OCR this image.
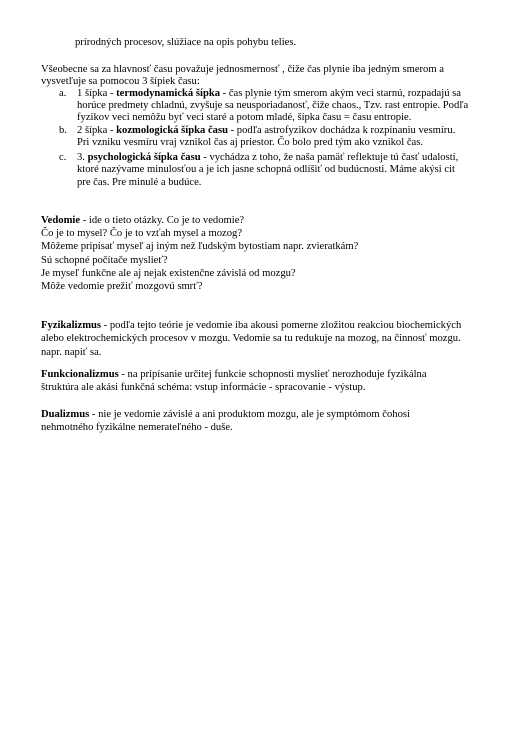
prírodných procesov, slúžiace na opis pohybu telies.
Všeobecne sa za hlavnosť času považuje jednosmernosť , čiže čas plynie iba jedným smerom a
vysvetľuje sa pomocou 3 šípiek času:
a. 1 šípka - termodynamická šípka - čas plynie tým smerom akým veci starnú, rozpadajú sa
horúce predmety chladnú, zvyšuje sa neusporiadanosť, čiže chaos., Tzv. rast entropie. Podľa
fyzikov veci nemôžu byť veci staré a potom mladé, šípka času = času entropie.
b. 2 šípka - kozmologická šípka času - podľa astrofyzikov dochádza k rozpínaniu vesmíru.
Pri vzniku vesmíru vraj vznikol čas aj priestor. Čo bolo pred tým ako vznikol čas.
c. 3. psychologická šípka času - vychádza z toho, že naša pamäť reflektuje tú časť udalostí,
ktoré nazývame minulosťou a je ich jasne schopná odlíšiť od budúcnosti. Máme akýsi cit
pre čas. Pre minulé a budúce.
Vedomie - ide o tieto otázky. Co je to vedomie?
Čo je to mysel? Čo je to vzťah mysel a mozog?
Môžeme pripísať myseľ aj iným než ľudským bytostiam napr. zvieratkám?
Sú schopné počítače myslieť?
Je myseľ funkčne ale aj nejak existenčne závislá od mozgu?
Môže vedomie prežiť mozgovú smrť?
Fyzikalizmus - podľa tejto teórie je vedomie iba akousi pomerne zložitou reakciou biochemických
alebo elektrochemických procesov v mozgu. Vedomie sa tu redukuje na mozog, na činnosť mozgu.
napr. napiť sa.
Funkcionalizmus - na pripísanie určitej funkcie schopnosti myslieť nerozhoduje fyzikálna
štruktúra ale akási funkčná schéma: vstup informácie - spracovanie - výstup.
Dualizmus - nie je vedomie závislé a ani produktom mozgu, ale je symptómom čohosi
nehmotného fyzikálne nemerateľného - duše.
